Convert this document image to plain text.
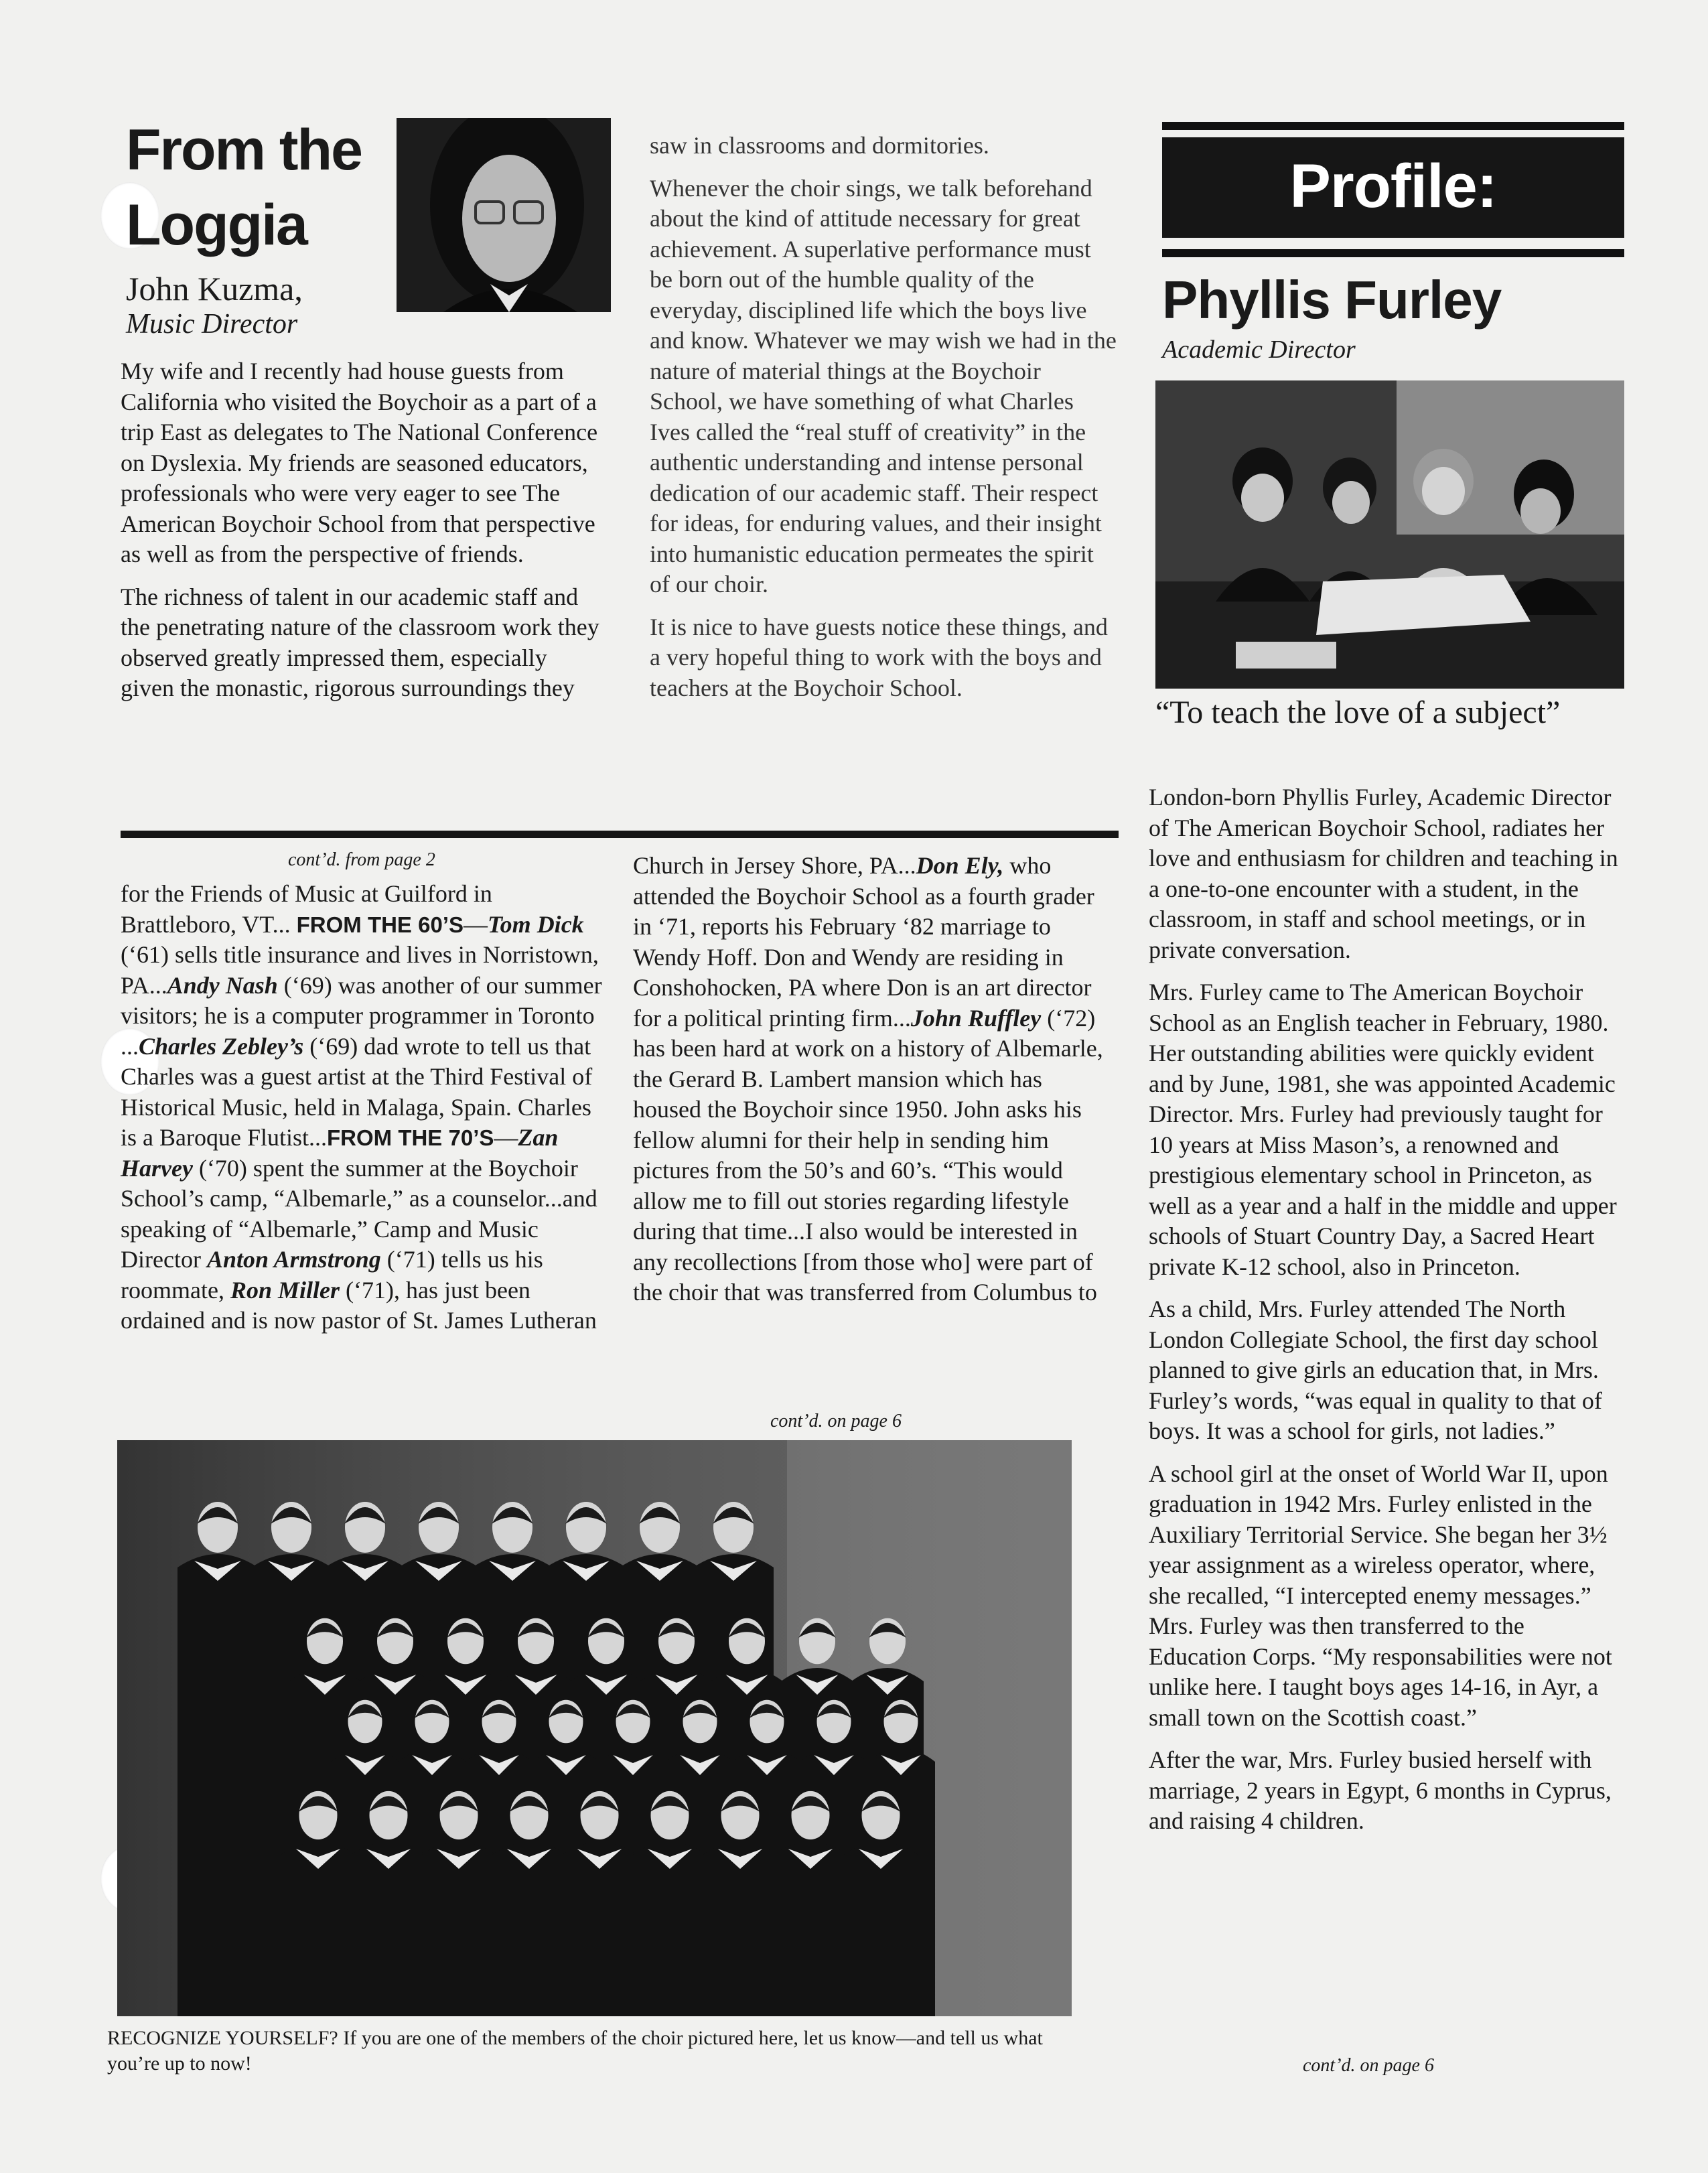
From the Loggia
John Kuzma,
Music Director

My wife and I recently had house guests from California who visited the Boychoir as a part of a trip East as delegates to The National Conference on Dyslexia. My friends are seasoned educators, professionals who were very eager to see The American Boychoir School from that perspective as well as from the perspective of friends.

The richness of talent in our academic staff and the penetrating nature of the classroom work they observed greatly impressed them, especially given the monastic, rigorous surroundings they

saw in classrooms and dormitories.

Whenever the choir sings, we talk beforehand about the kind of attitude necessary for great achievement. A superlative performance must be born out of the humble quality of the everyday, disciplined life which the boys live and know. Whatever we may wish we had in the nature of material things at the Boychoir School, we have something of what Charles Ives called the “real stuff of creativity” in the authentic understanding and intense personal dedication of our academic staff. Their respect for ideas, for enduring values, and their insight into humanistic education permeates the spirit of our choir.

It is nice to have guests notice these things, and a very hopeful thing to work with the boys and teachers at the Boychoir School.

Profile:
Phyllis Furley
Academic Director
“To teach the love of a subject”

London-born Phyllis Furley, Academic Director of The American Boychoir School, radiates her love and enthusiasm for children and teaching in a one-to-one encounter with a student, in the classroom, in staff and school meetings, or in private conversation.

Mrs. Furley came to The American Boychoir School as an English teacher in February, 1980. Her outstanding abilities were quickly evident and by June, 1981, she was appointed Academic Director. Mrs. Furley had previously taught for 10 years at Miss Mason’s, a renowned and prestigious elementary school in Princeton, as well as a year and a half in the middle and upper schools of Stuart Country Day, a Sacred Heart private K-12 school, also in Princeton.

As a child, Mrs. Furley attended The North London Collegiate School, the first day school planned to give girls an education that, in Mrs. Furley’s words, “was equal in quality to that of boys. It was a school for girls, not ladies.”

A school girl at the onset of World War II, upon graduation in 1942 Mrs. Furley enlisted in the Auxiliary Territorial Service. She began her 3½ year assignment as a wireless operator, where, she recalled, “I intercepted enemy messages.” Mrs. Furley was then transferred to the Education Corps. “My responsabilities were not unlike here. I taught boys ages 14-16, in Ayr, a small town on the Scottish coast.”

After the war, Mrs. Furley busied herself with marriage, 2 years in Egypt, 6 months in Cyprus, and raising 4 children.

cont’d. on page 6
cont’d. from page 2
for the Friends of Music at Guilford in Brattleboro, VT... FROM THE 60’S—Tom Dick (‘61) sells title insurance and lives in Norristown, PA...Andy Nash (‘69) was another of our summer visitors; he is a computer programmer in Toronto ...Charles Zebley’s (‘69) dad wrote to tell us that Charles was a guest artist at the Third Festival of Historical Music, held in Malaga, Spain. Charles is a Baroque Flutist...FROM THE 70’S—Zan Harvey (‘70) spent the summer at the Boychoir School’s camp, “Albemarle,” as a counselor...and speaking of “Albemarle,” Camp and Music Director Anton Armstrong (‘71) tells us his roommate, Ron Miller (‘71), has just been ordained and is now pastor of St. James Lutheran
Church in Jersey Shore, PA...Don Ely, who attended the Boychoir School as a fourth grader in ‘71, reports his February ‘82 marriage to Wendy Hoff. Don and Wendy are residing in Conshohocken, PA where Don is an art director for a political printing firm...John Ruffley (‘72) has been hard at work on a history of Albemarle, the Gerard B. Lambert mansion which has housed the Boychoir since 1950. John asks his fellow alumni for their help in sending him pictures from the 50’s and 60’s. “This would allow me to fill out stories regarding lifestyle during that time...I also would be interested in any recollections [from those who] were part of the choir that was transferred from Columbus to
cont’d. on page 6
RECOGNIZE YOURSELF? If you are one of the members of the choir pictured here, let us know—and tell us what you’re up to now!
